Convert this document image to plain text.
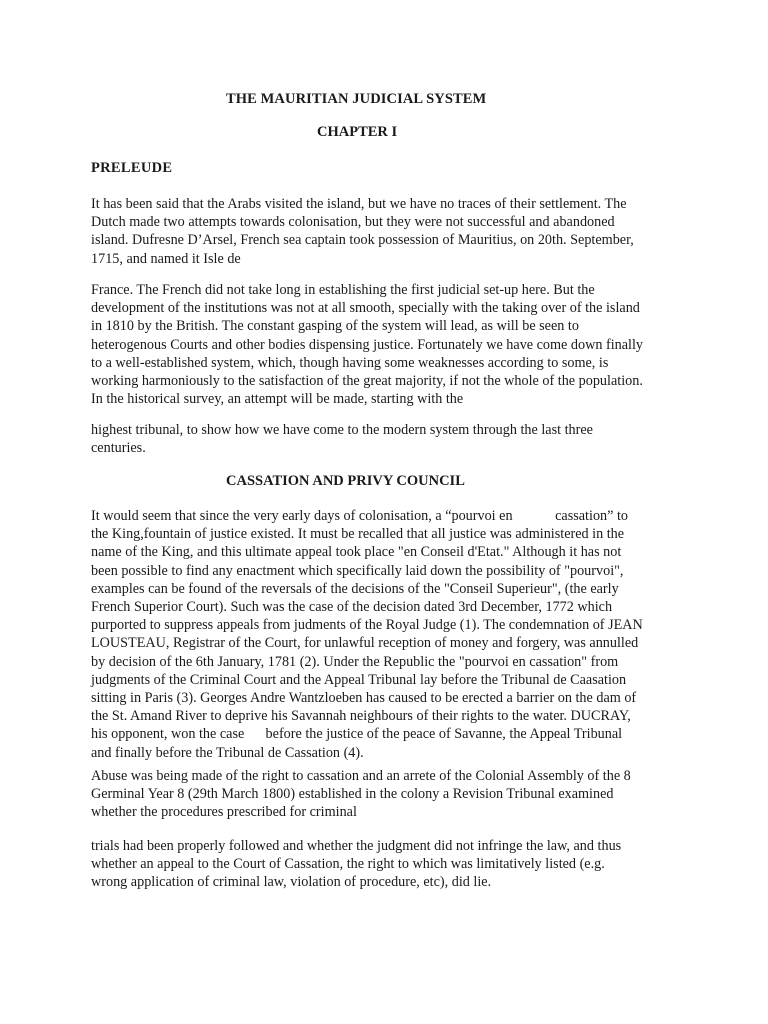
THE MAURITIAN JUDICIAL SYSTEM
CHAPTER I
PRELEUDE
It has been said that the Arabs visited the island, but we have no traces of their settlement. The
Dutch made two attempts towards colonisation, but they were not successful and abandoned
island. Dufresne D’Arsel, French sea captain took possession of Mauritius, on 20th. September,
1715, and named it Isle de
France. The French did not take long in establishing the first judicial set-up here. But the
development of the institutions was not at all smooth, specially with the taking over of the island
in 1810 by the British. The constant gasping of the system will lead, as will be seen to
heterogenous Courts and other bodies dispensing justice. Fortunately we have come down finally
to a well-established system, which, though having some weaknesses according to some, is
working harmoniously to the satisfaction of the great majority, if not the whole of the population.
In the historical survey, an attempt will be made, starting with the
highest tribunal, to show how we have come to the modern system through the last three
centuries.
CASSATION AND PRIVY COUNCIL
It would seem that since the very early days of colonisation, a “pourvoi en            cassation” to
the King,fountain of justice existed. It must be recalled that all justice was administered in the
name of the King, and this ultimate appeal took place "en Conseil d'Etat." Although it has not
been possible to find any enactment which specifically laid down the possibility of "pourvoi",
examples can be found of the reversals of the decisions of the "Conseil Superieur", (the early
French Superior Court). Such was the case of the decision dated 3rd December, 1772 which
purported to suppress appeals from judments of the Royal Judge (1). The condemnation of JEAN
LOUSTEAU, Registrar of the Court, for unlawful reception of money and forgery, was annulled
by decision of the 6th January, 1781 (2). Under the Republic the "pourvoi en cassation" from
judgments of the Criminal Court and the Appeal Tribunal lay before the Tribunal de Caasation
sitting in Paris (3). Georges Andre Wantzloeben has caused to be erected a barrier on the dam of
the St. Amand River to deprive his Savannah neighbours of their rights to the water. DUCRAY,
his opponent, won the case      before the justice of the peace of Savanne, the Appeal Tribunal
and finally before the Tribunal de Cassation (4).
Abuse was being made of the right to cassation and an arrete of the Colonial Assembly of the 8
Germinal Year 8 (29th March 1800) established in the colony a Revision Tribunal examined
whether the procedures prescribed for criminal
trials had been properly followed and whether the judgment did not infringe the law, and thus
whether an appeal to the Court of Cassation, the right to which was limitatively listed (e.g.
wrong application of criminal law, violation of procedure, etc), did lie.
